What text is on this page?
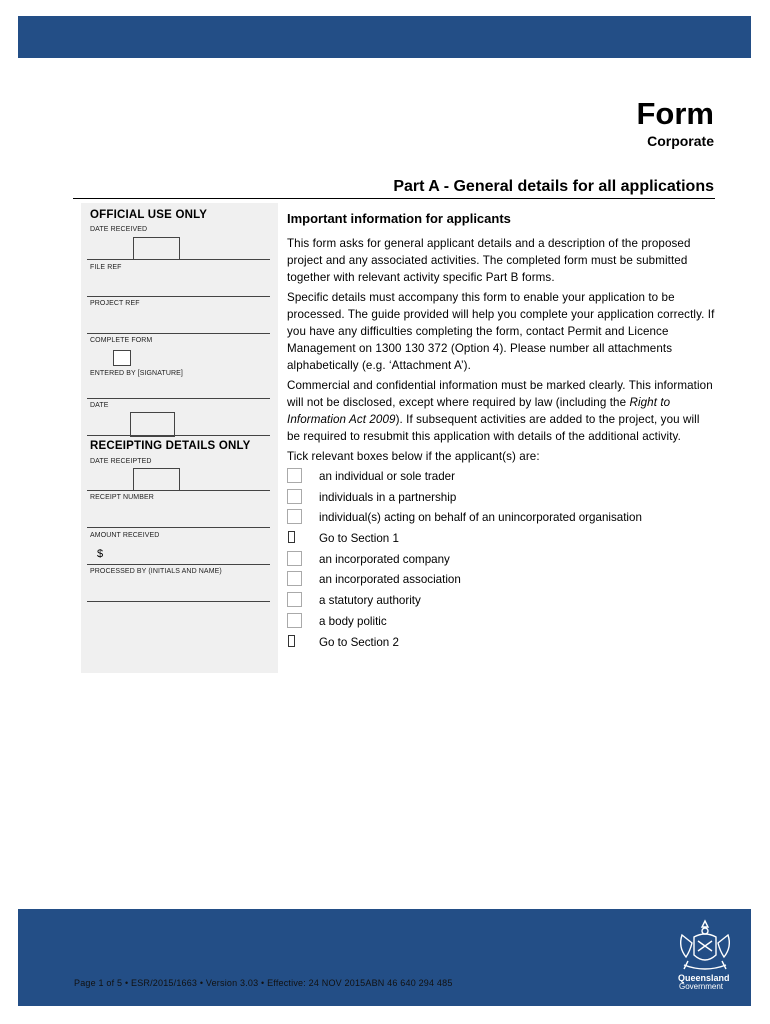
Form
Corporate
Part A - General details for all applications
OFFICIAL USE ONLY
DATE RECEIVED
FILE REF
PROJECT REF
COMPLETE FORM
ENTERED BY [SIGNATURE]
DATE
RECEIPTING DETAILS ONLY
DATE RECEIPTED
RECEIPT NUMBER
AMOUNT RECEIVED
$
PROCESSED BY (INITIALS AND NAME)
Important information for applicants

This form asks for general applicant details and a description of the proposed project and any associated activities. The completed form must be submitted together with relevant activity specific Part B forms.

Specific details must accompany this form to enable your application to be processed. The guide provided will help you complete your application correctly. If you have any difficulties completing the form, contact Permit and Licence Management on 1300 130 372 (Option 4). Please number all attachments alphabetically (e.g. ‘Attachment A’).

Commercial and confidential information must be marked clearly. This information will not be disclosed, except where required by law (including the Right to Information Act 2009). If subsequent activities are added to the project, you will be required to resubmit this application with details of the additional activity.

Tick relevant boxes below if the applicant(s) are:

an individual or sole trader
individuals in a partnership
individual(s) acting on behalf of an unincorporated organisation
Go to Section 1
an incorporated company
an incorporated association
a statutory authority
a body politic
Go to Section 2
Page 1 of 5 • ESR/2015/1663 • Version 3.03 • Effective: 24 NOV 2015ABN 46 640 294 485	Queensland
Government
